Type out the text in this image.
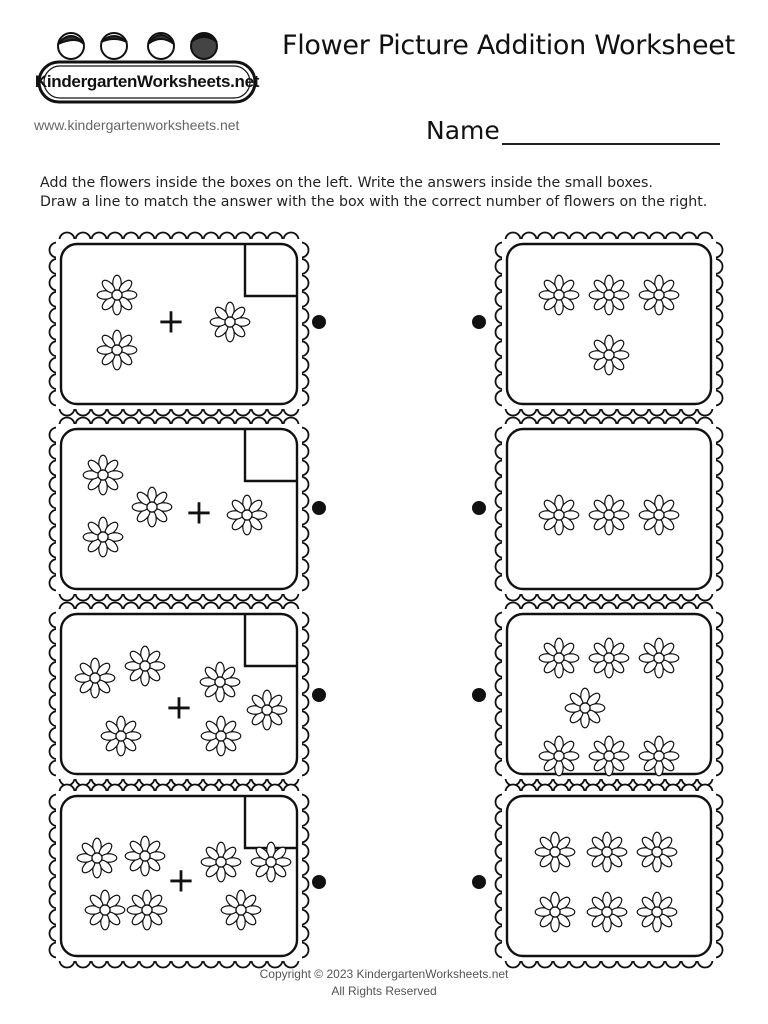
KindergartenWorksheets.net
www.kindergartenworksheets.net
Flower Picture Addition Worksheet
Name
Add the flowers inside the boxes on the left. Write the answers inside the small boxes.
Draw a line to match the answer with the box with the correct number of flowers on the right.
+
+
+
+
Copyright © 2023 KindergartenWorksheets.net
All Rights Reserved
